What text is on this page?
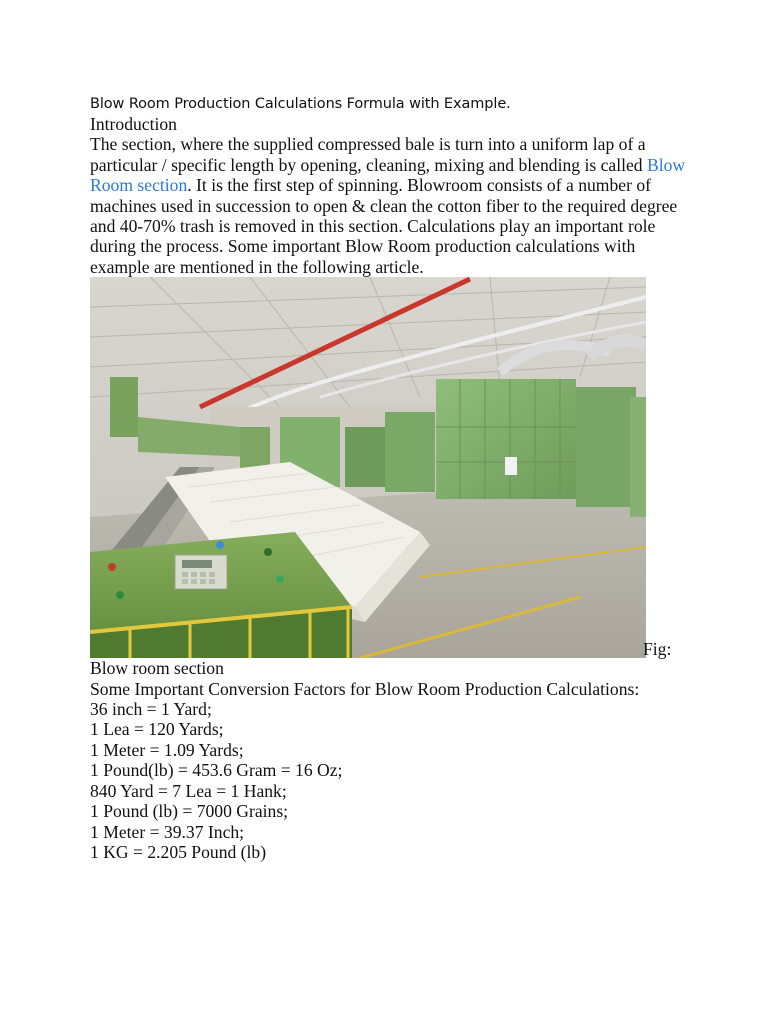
Blow Room Production Calculations Formula with Example.

Introduction

The section, where the supplied compressed bale is turn into a uniform lap of a particular / specific length by opening, cleaning, mixing and blending is called Blow Room section. It is the first step of spinning. Blowroom consists of a number of machines used in succession to open & clean the cotton fiber to the required degree and 40-70% trash is removed in this section. Calculations play an important role during the process. Some important Blow Room production calculations with example are mentioned in the following article.

Fig:

Blow room section

Some Important Conversion Factors for Blow Room Production Calculations:

36 inch = 1 Yard;

1 Lea = 120 Yards;

1 Meter = 1.09 Yards;

1 Pound(lb) = 453.6 Gram = 16 Oz;

840 Yard = 7 Lea = 1 Hank;

1 Pound (lb) = 7000 Grains;

1 Meter = 39.37 Inch;

1 KG = 2.205 Pound (lb)
